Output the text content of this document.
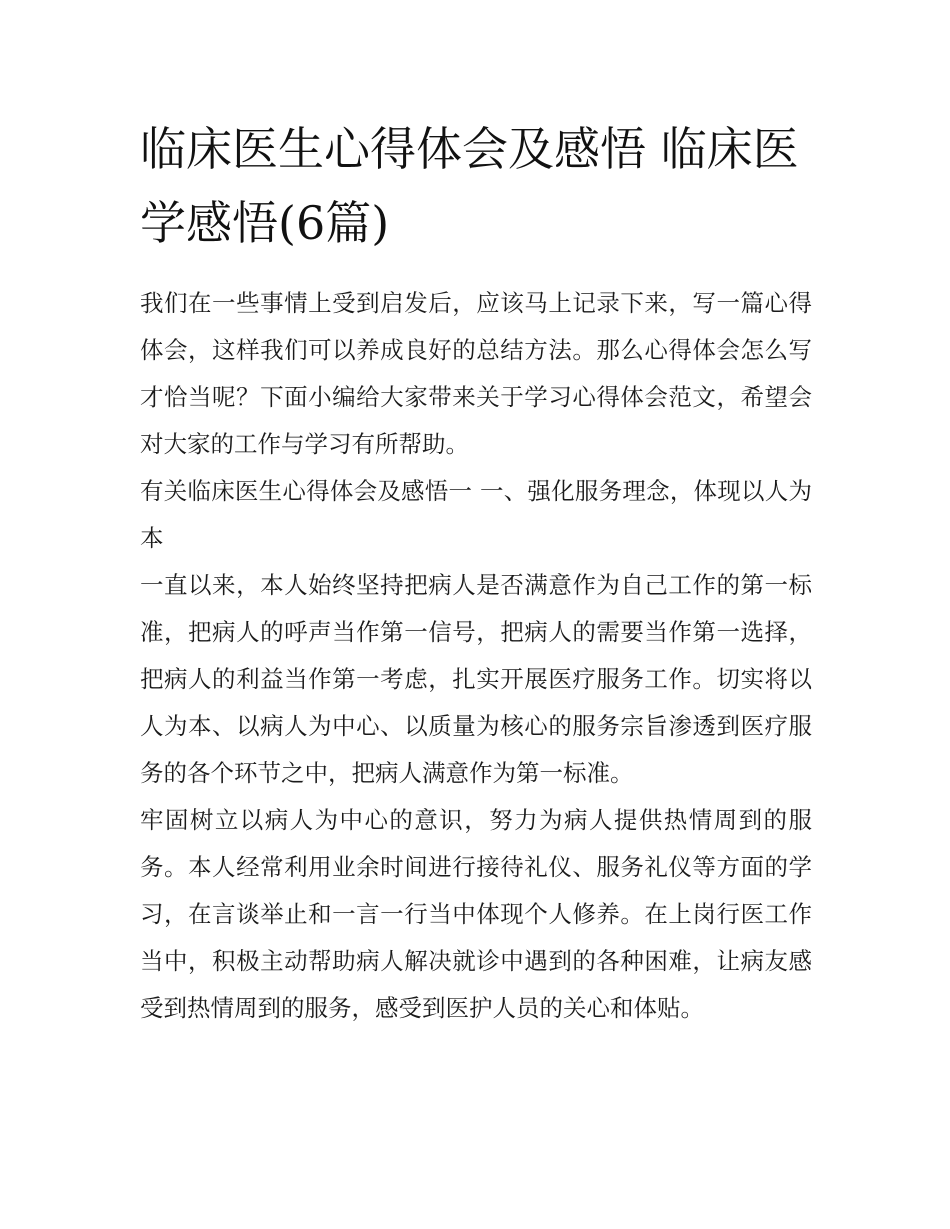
临床医生心得体会及感悟 临床医学感悟(6篇)

我们在一些事情上受到启发后，应该马上记录下来，写一篇心得体会，这样我们可以养成良好的总结方法。那么心得体会怎么写才恰当呢？下面小编给大家带来关于学习心得体会范文，希望会对大家的工作与学习有所帮助。

有关临床医生心得体会及感悟一 一、强化服务理念，体现以人为本

一直以来，本人始终坚持把病人是否满意作为自己工作的第一标准，把病人的呼声当作第一信号，把病人的需要当作第一选择，把病人的利益当作第一考虑，扎实开展医疗服务工作。切实将以人为本、以病人为中心、以质量为核心的服务宗旨渗透到医疗服务的各个环节之中，把病人满意作为第一标准。

牢固树立以病人为中心的意识，努力为病人提供热情周到的服务。本人经常利用业余时间进行接待礼仪、服务礼仪等方面的学习，在言谈举止和一言一行当中体现个人修养。在上岗行医工作当中，积极主动帮助病人解决就诊中遇到的各种困难，让病友感受到热情周到的服务，感受到医护人员的关心和体贴。
